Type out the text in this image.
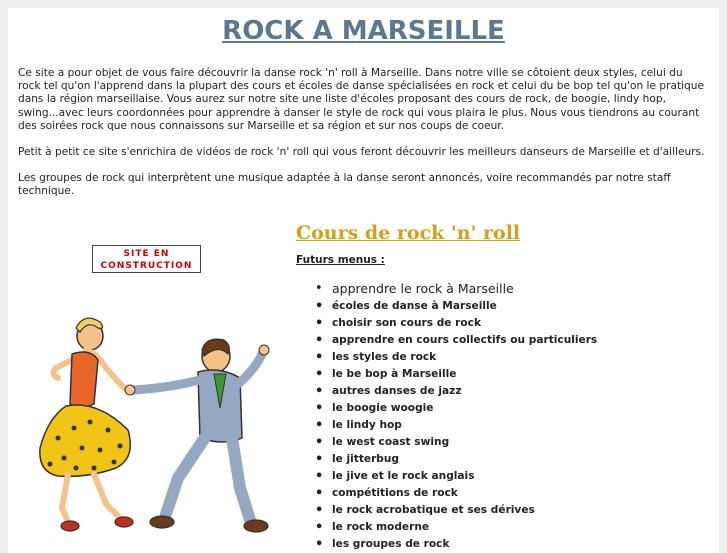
ROCK A MARSEILLE

Ce site a pour objet de vous faire découvrir la danse rock 'n' roll à Marseille. Dans notre ville se côtoient deux styles, celui du rock tel qu'on l'apprend dans la plupart des cours et écoles de danse spécialisées en rock et celui du be bop tel qu'on le pratique dans la région marseillaise. Vous aurez sur notre site une liste d'écoles proposant des cours de rock, de boogie, lindy hop, swing...avec leurs coordonnées pour apprendre à danser le style de rock qui vous plaira le plus. Nous vous tiendrons au courant des soirées rock que nous connaissons sur Marseille et sa région et sur nos coups de coeur.

Petit à petit ce site s'enrichira de vidéos de rock 'n' roll qui vous feront découvrir les meilleurs danseurs de Marseille et d'ailleurs.

Les groupes de rock qui interprètent une musique adaptée à la danse seront annoncés, voire recommandés par notre staff technique.

SITE EN
CONSTRUCTION
Cours de rock 'n' roll
Futurs menus :
• apprendre le rock à Marseille
• écoles de danse à Marseille
• choisir son cours de rock
• apprendre en cours collectifs ou particuliers
• les styles de rock
• le be bop à Marseille
• autres danses de jazz
• le boogie woogie
• le lindy hop
• le west coast swing
• le jitterbug
• le jive et le rock anglais
• compétitions de rock
• le rock acrobatique et ses dérives
• le rock moderne
• les groupes de rock
